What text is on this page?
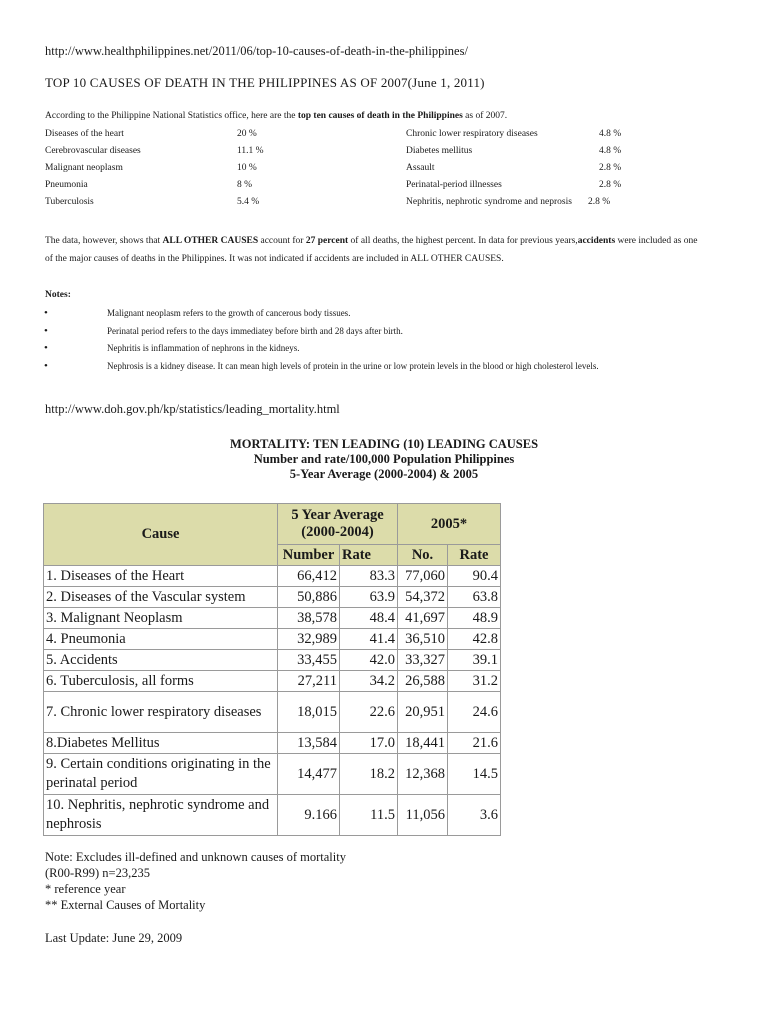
http://www.healthphilippines.net/2011/06/top-10-causes-of-death-in-the-philippines/
TOP 10 CAUSES OF DEATH IN THE PHILIPPINES AS OF 2007(June 1, 2011)
According to the Philippine National Statistics office, here are the top ten causes of death in the Philippines as of 2007.
Diseases of the heart	20 %
Cerebrovascular diseases	11.1 %
Malignant neoplasm	10 %
Pneumonia	8 %
Tuberculosis	5.4 %
Chronic lower respiratory diseases	4.8 %
Diabetes mellitus	4.8 %
Assault	2.8 %
Perinatal-period illnesses	2.8 %
Nephritis, nephrotic syndrome and neprosis 2.8 %
The data, however, shows that ALL OTHER CAUSES account for 27 percent of all deaths, the highest percent. In data for previous years,accidents were included as one of the major causes of deaths in the Philippines. It was not indicated if accidents are included in ALL OTHER CAUSES.
Notes:
• Malignant neoplasm refers to the growth of cancerous body tissues.
• Perinatal period refers to the days immediatey before birth and 28 days after birth.
• Nephritis is inflammation of nephrons in the kidneys.
• Nephrosis is a kidney disease. It can mean high levels of protein in the urine or low protein levels in the blood or high cholesterol levels.
http://www.doh.gov.ph/kp/statistics/leading_mortality.html
MORTALITY: TEN LEADING (10) LEADING CAUSES
Number and rate/100,000 Population Philippines
5-Year Average (2000-2004) & 2005
Cause	5 Year Average (2000-2004)		2005*	
	Number	Rate	No.	Rate
1. Diseases of the Heart	66,412	83.3	77,060	90.4
2. Diseases of the Vascular system	50,886	63.9	54,372	63.8
3. Malignant Neoplasm	38,578	48.4	41,697	48.9
4. Pneumonia	32,989	41.4	36,510	42.8
5. Accidents	33,455	42.0	33,327	39.1
6. Tuberculosis, all forms	27,211	34.2	26,588	31.2
7. Chronic lower respiratory diseases	18,015	22.6	20,951	24.6
8.Diabetes Mellitus	13,584	17.0	18,441	21.6
9. Certain conditions originating in the perinatal period	14,477	18.2	12,368	14.5
10. Nephritis, nephrotic syndrome and nephrosis	9.166	11.5	11,056	3.6
Note: Excludes ill-defined and unknown causes of mortality
(R00-R99) n=23,235
* reference year
** External Causes of Mortality
Last Update: June 29, 2009
